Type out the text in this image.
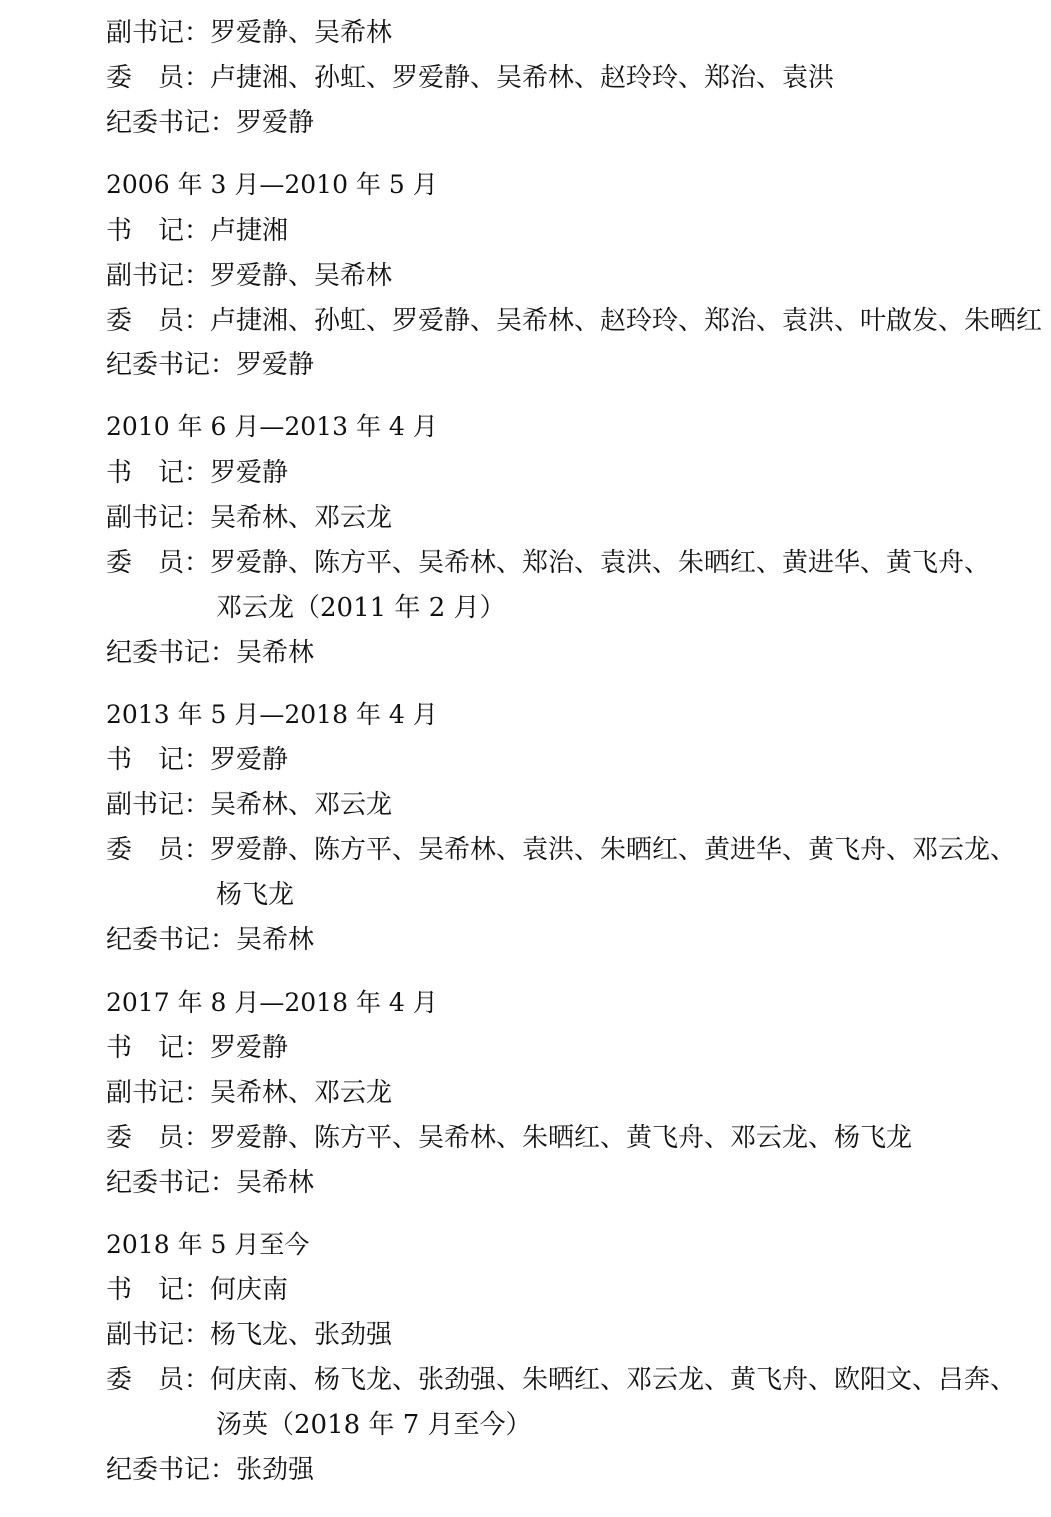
副书记：罗爱静、吴希林
委　员：卢捷湘、孙虹、罗爱静、吴希林、赵玲玲、郑治、袁洪
纪委书记：罗爱静
2006 年 3 月—2010 年 5 月
书　记：卢捷湘
副书记：罗爱静、吴希林
委　员：卢捷湘、孙虹、罗爱静、吴希林、赵玲玲、郑治、袁洪、叶啟发、朱晒红
纪委书记：罗爱静
2010 年 6 月—2013 年 4 月
书　记：罗爱静
副书记：吴希林、邓云龙
委　员：罗爱静、陈方平、吴希林、郑治、袁洪、朱晒红、黄进华、黄飞舟、
邓云龙（2011 年 2 月）
纪委书记：吴希林
2013 年 5 月—2018 年 4 月
书　记：罗爱静
副书记：吴希林、邓云龙
委　员：罗爱静、陈方平、吴希林、袁洪、朱晒红、黄进华、黄飞舟、邓云龙、
杨飞龙
纪委书记：吴希林
2017 年 8 月—2018 年 4 月
书　记：罗爱静
副书记：吴希林、邓云龙
委　员：罗爱静、陈方平、吴希林、朱晒红、黄飞舟、邓云龙、杨飞龙
纪委书记：吴希林
2018 年 5 月至今
书　记：何庆南
副书记：杨飞龙、张劲强
委　员：何庆南、杨飞龙、张劲强、朱晒红、邓云龙、黄飞舟、欧阳文、吕奔、
汤英（2018 年 7 月至今）
纪委书记：张劲强
